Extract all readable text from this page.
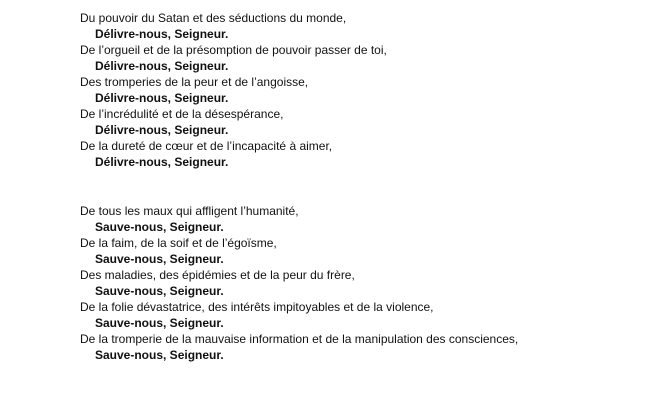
Du pouvoir du Satan et des séductions du monde,
Délivre-nous, Seigneur.
De l’orgueil et de la présomption de pouvoir passer de toi,
Délivre-nous, Seigneur.
Des tromperies de la peur et de l’angoisse,
Délivre-nous, Seigneur.
De l’incrédulité et de la désespérance,
Délivre-nous, Seigneur.
De la dureté de cœur et de l’incapacité à aimer,
Délivre-nous, Seigneur.
De tous les maux qui affligent l’humanité,
Sauve-nous, Seigneur.
De la faim, de la soif et de l’égoïsme,
Sauve-nous, Seigneur.
Des maladies, des épidémies et de la peur du frère,
Sauve-nous, Seigneur.
De la folie dévastatrice, des intérêts impitoyables et de la violence,
Sauve-nous, Seigneur.
De la tromperie de la mauvaise information et de la manipulation des consciences,
Sauve-nous, Seigneur.
